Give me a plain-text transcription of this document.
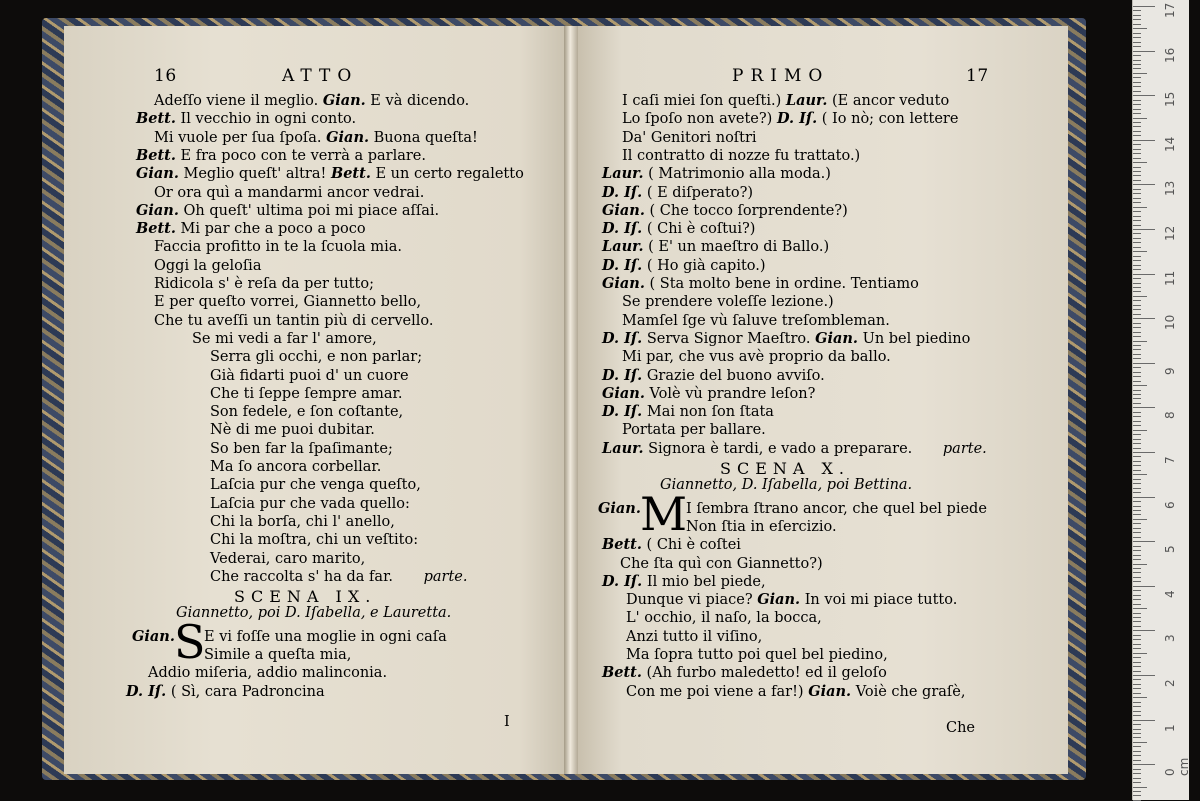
16	ATTO
Adeſſo viene il meglio. Gian. E và dicendo.
Bett. Il vecchio in ogni conto.
Mi vuole per ſua ſpoſa. Gian. Buona queſta!
Bett. E fra poco con te verrà a parlare.
Gian. Meglio queſt' altra! Bett. E un certo regaletto
Or ora quì a mandarmi ancor vedrai.
Gian. Oh queſt' ultima poi mi piace aſſai.
Bett. Mi par che a poco a poco
Faccia profitto in te la ſcuola mia.
Oggi la geloſia
Ridicola s' è reſa da per tutto;
E per queſto vorrei, Giannetto bello,
Che tu aveſſi un tantin più di cervello.
Se mi vedi a far l' amore,
Serra gli occhi, e non parlar;
Già fidarti puoi d' un cuore
Che ti ſeppe ſempre amar.
Son fedele, e ſon coſtante,
Nè di me puoi dubitar.
So ben far la ſpaſimante;
Ma ſo ancora corbellar.
Laſcia pur che venga queſto,
Laſcia pur che vada quello:
Chi la borſa, chi l' anello,
Chi la moſtra, chi un veſtito:
Vederai, caro marito,
Che raccolta s' ha da far. parte.
SCENA IX.
Giannetto, poi D. Iſabella, e Lauretta.
Gian. S
E vi foſſe una moglie in ogni caſa
Simile a queſta mia,
Addio miſeria, addio malinconia.
D. Iſ. ( Sì, cara Padroncina
I
17
PRIMO
I caſi miei ſon queſti.) Laur. (E ancor veduto
Lo ſpoſo non avete?) D. Iſ. ( Io nò; con lettere
Da' Genitori noſtri
Il contratto di nozze fu trattato.)
Laur. ( Matrimonio alla moda.)
D. Iſ. ( E diſperato?)
Gian. ( Che tocco ſorprendente?)
D. Iſ. ( Chi è coſtui?)
Laur. ( E' un maeſtro di Ballo.)
D. Iſ. ( Ho già capito.)
Gian. ( Sta molto bene in ordine. Tentiamo
Se prendere voleſſe lezione.)
Mamſel ſge vù ſaluve treſombleman.
D. Iſ. Serva Signor Maeſtro. Gian. Un bel piedino
Mi par, che vus avè proprio da ballo.
D. Iſ. Grazie del buono avviſo.
Gian. Volè vù prandre leſon?
D. Iſ. Mai non ſon ſtata
Portata per ballare.
Laur. Signora è tardi, e vado a preparare. parte.
SCENA X.
Giannetto, D. Iſabella, poi Bettina.
Gian. M
I ſembra ſtrano ancor, che quel bel piede
Non ſtia in eſercizio.
Bett. ( Chi è coſtei
Che ſta quì con Giannetto?)
D. Iſ. Il mio bel piede,
Dunque vi piace? Gian. In voi mi piace tutto.
L' occhio, il naſo, la bocca,
Anzi tutto il viſino,
Ma ſopra tutto poi quel bel piedino,
Bett. (Ah furbo maledetto! ed il geloſo
Con me poi viene a far!) Gian. Voiè che graſè,
Che
17
16
15
14
13
12
11
10
9
8
7
6
5
4
3
2
1
0 cm
